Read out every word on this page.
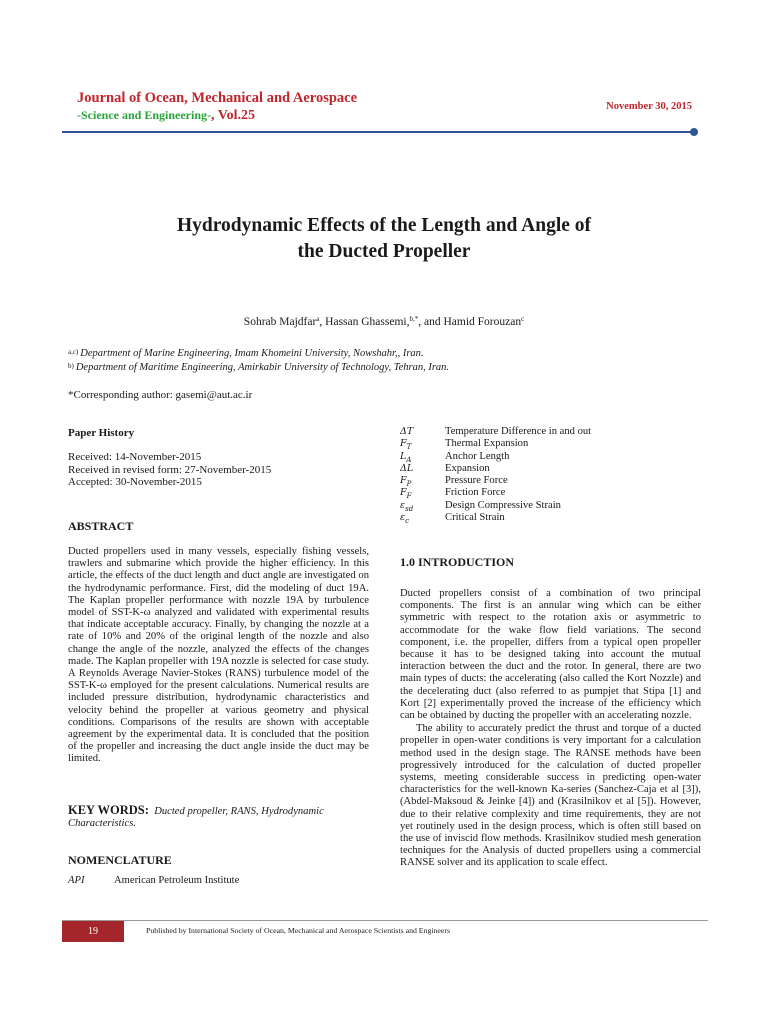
Journal of Ocean, Mechanical and Aerospace
-Science and Engineering-, Vol.25
November 30, 2015
Hydrodynamic Effects of the Length and Angle of
the Ducted Propeller
Sohrab Majdfar$^a$, Hassan Ghassemi,$^{b,*}$, and Hamid Forouzan$^c$
$^{a,c)}$ Department of Marine Engineering, Imam Khomeini University, Nowshahr,, Iran.
$^{b)}$ Department of Maritime Engineering, Amirkabir University of Technology, Tehran, Iran.
*Corresponding author: gasemi@aut.ac.ir
Paper History
Received: 14-November-2015
Received in revised form: 27-November-2015
Accepted: 30-November-2015
ABSTRACT
Ducted propellers used in many vessels, especially fishing vessels, trawlers and submarine which provide the higher efficiency. In this article, the effects of the duct length and duct angle are investigated on the hydrodynamic performance. First, did the modeling of duct 19A. The Kaplan propeller performance with nozzle 19A by turbulence model of SST-K-ω analyzed and validated with experimental results that indicate acceptable accuracy. Finally, by changing the nozzle at a rate of 10% and 20% of the original length of the nozzle and also change the angle of the nozzle, analyzed the effects of the changes made. The Kaplan propeller with 19A nozzle is selected for case study. A Reynolds Average Navier-Stokes (RANS) turbulence model of the SST-K-ω employed for the present calculations. Numerical results are included pressure distribution, hydrodynamic characteristics and velocity behind the propeller at various geometry and physical conditions. Comparisons of the results are shown with acceptable agreement by the experimental data. It is concluded that the position of the propeller and increasing the duct angle inside the duct may be limited.
KEY WORDS: Ducted propeller, RANS, Hydrodynamic Characteristics.
NOMENCLATURE
API	American Petroleum Institute
ΔT	Temperature Difference in and out
$F_T$	Thermal Expansion
$L_A$	Anchor Length
ΔL	Expansion
$F_P$	Pressure Force
$F_F$	Friction Force
$\varepsilon_{sd}$	Design Compressive Strain
$\varepsilon_c$	Critical Strain
1.0 INTRODUCTION

Ducted propellers consist of a combination of two principal components. The first is an annular wing which can be either symmetric with respect to the rotation axis or asymmetric to accommodate for the wake flow field variations. The second component, i.e. the propeller, differs from a typical open propeller because it has to be designed taking into account the mutual interaction between the duct and the rotor. In general, there are two main types of ducts: the accelerating (also called the Kort Nozzle) and the decelerating duct (also referred to as pumpjet that Stipa [1] and Kort [2] experimentally proved the increase of the efficiency which can be obtained by ducting the propeller with an accelerating nozzle.

The ability to accurately predict the thrust and torque of a ducted propeller in open-water conditions is very important for a calculation method used in the design stage. The RANSE methods have been progressively introduced for the calculation of ducted propeller systems, meeting considerable success in predicting open-water characteristics for the well-known Ka-series (Sanchez-Caja et al [3]), (Abdel-Maksoud & Jeinke [4]) and (Krasilnikov et al [5]). However, due to their relative complexity and time requirements, they are not yet routinely used in the design process, which is often still based on the use of inviscid flow methods. Krasilnikov studied mesh generation techniques for the Analysis of ducted propellers using a commercial RANSE solver and its application to scale effect.

19	Published by International Society of Ocean, Mechanical and Aerospace Scientists and Engineers
